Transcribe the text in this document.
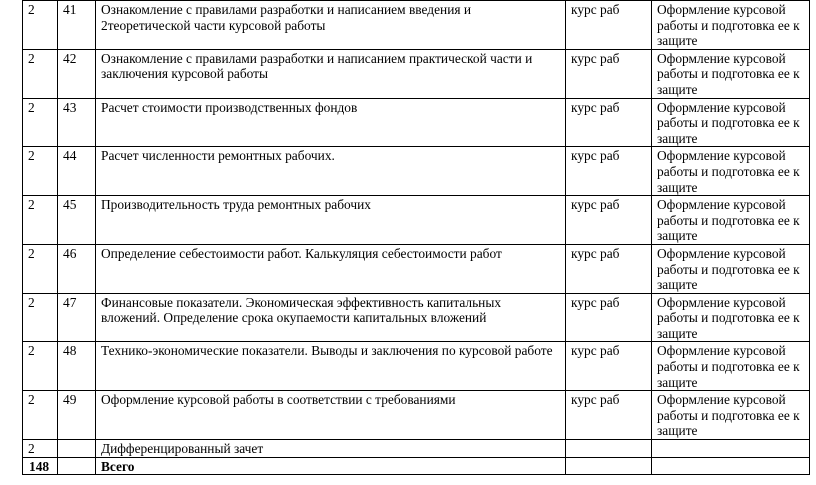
2	41	Ознакомление с правилами разработки и написанием введения и 2теоретической части курсовой работы	курс раб	Оформление курсовой работы и подготовка ее к защите
2	42	Ознакомление с правилами разработки и написанием практической части и заключения курсовой работы	курс раб	Оформление курсовой работы и подготовка ее к защите
2	43	Расчет стоимости производственных фондов	курс раб	Оформление курсовой работы и подготовка ее к защите
2	44	Расчет численности ремонтных рабочих.	курс раб	Оформление курсовой работы и подготовка ее к защите
2	45	Производительность труда ремонтных рабочих	курс раб	Оформление курсовой работы и подготовка ее к защите
2	46	Определение себестоимости работ. Калькуляция себестоимости работ	курс раб	Оформление курсовой работы и подготовка ее к защите
2	47	Финансовые показатели. Экономическая эффективность капитальных вложений. Определение срока окупаемости капитальных вложений	курс раб	Оформление курсовой работы и подготовка ее к защите
2	48	Технико-экономические показатели. Выводы и заключения по курсовой работе	курс раб	Оформление курсовой работы и подготовка ее к защите
2	49	Оформление курсовой работы в соответствии с требованиями	курс раб	Оформление курсовой работы и подготовка ее к защите
2		Дифференцированный зачет		
148		Всего		
